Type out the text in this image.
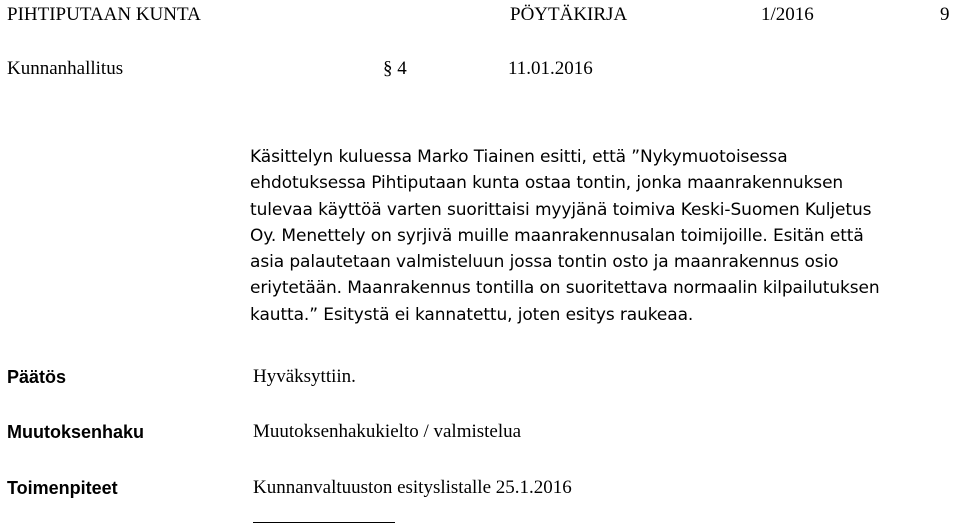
PIHTIPUTAAN KUNTA	PÖYTÄKIRJA	1/2016	9
Kunnanhallitus	§ 4	11.01.2016
Käsittelyn kuluessa Marko Tiainen esitti, että ”Nykymuotoisessa
ehdotuksessa Pihtiputaan kunta ostaa tontin, jonka maanrakennuksen
tulevaa käyttöä varten suorittaisi myyjänä toimiva Keski-Suomen Kuljetus
Oy. Menettely on syrjivä muille maanrakennusalan toimijoille. Esitän että
asia palautetaan valmisteluun jossa tontin osto ja maanrakennus osio
eriytetään. Maanrakennus tontilla on suoritettava normaalin kilpailutuksen
kautta.” Esitystä ei kannatettu, joten esitys raukeaa.
Päätös	Hyväksyttiin.
Muutoksenhaku	Muutoksenhakukielto / valmistelua
Toimenpiteet	Kunnanvaltuuston esityslistalle 25.1.2016
